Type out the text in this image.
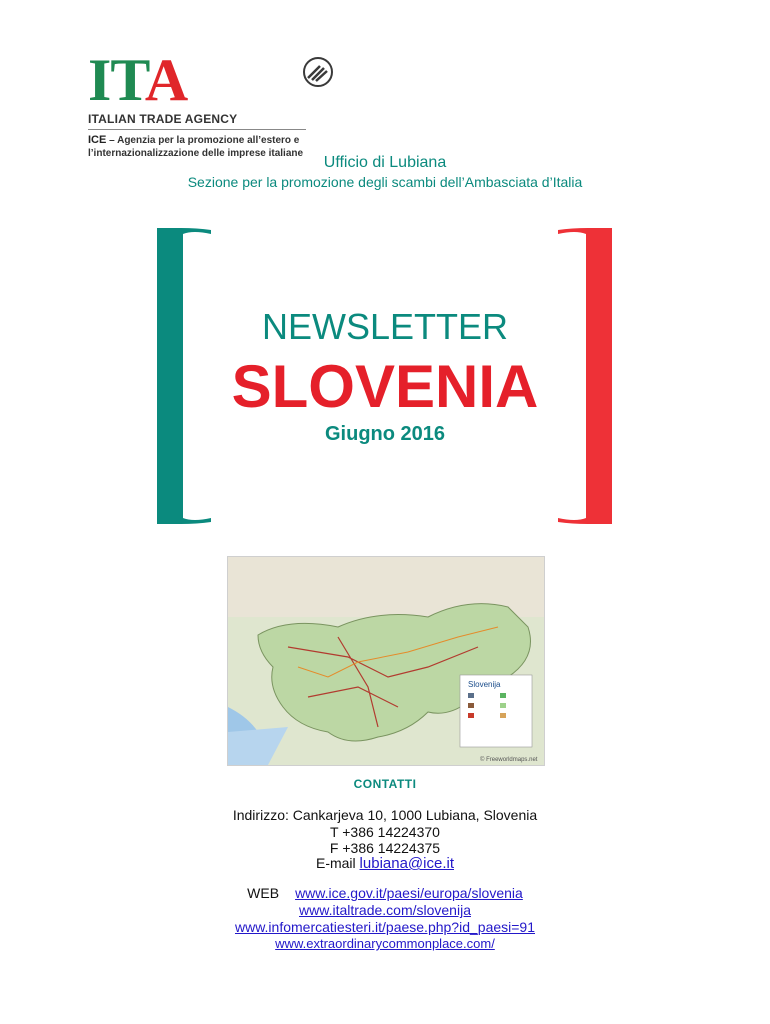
ITA
ITALIAN TRADE AGENCY
ICE – Agenzia per la promozione all’estero e
l’internazionalizzazione delle imprese italiane
Ufficio di Lubiana
Sezione per la promozione degli scambi dell’Ambasciata d’Italia
NEWSLETTER
SLOVENIA
Giugno 2016
Slovenija
© Freeworldmaps.net
CONTATTI
Indirizzo: Cankarjeva 10, 1000 Lubiana, Slovenia
T +386 14224370
F +386 14224375
E-mail lubiana@ice.it
WEB www.ice.gov.it/paesi/europa/slovenia
www.italtrade.com/slovenija
www.infomercatiesteri.it/paese.php?id_paesi=91
www.extraordinarycommonplace.com/
